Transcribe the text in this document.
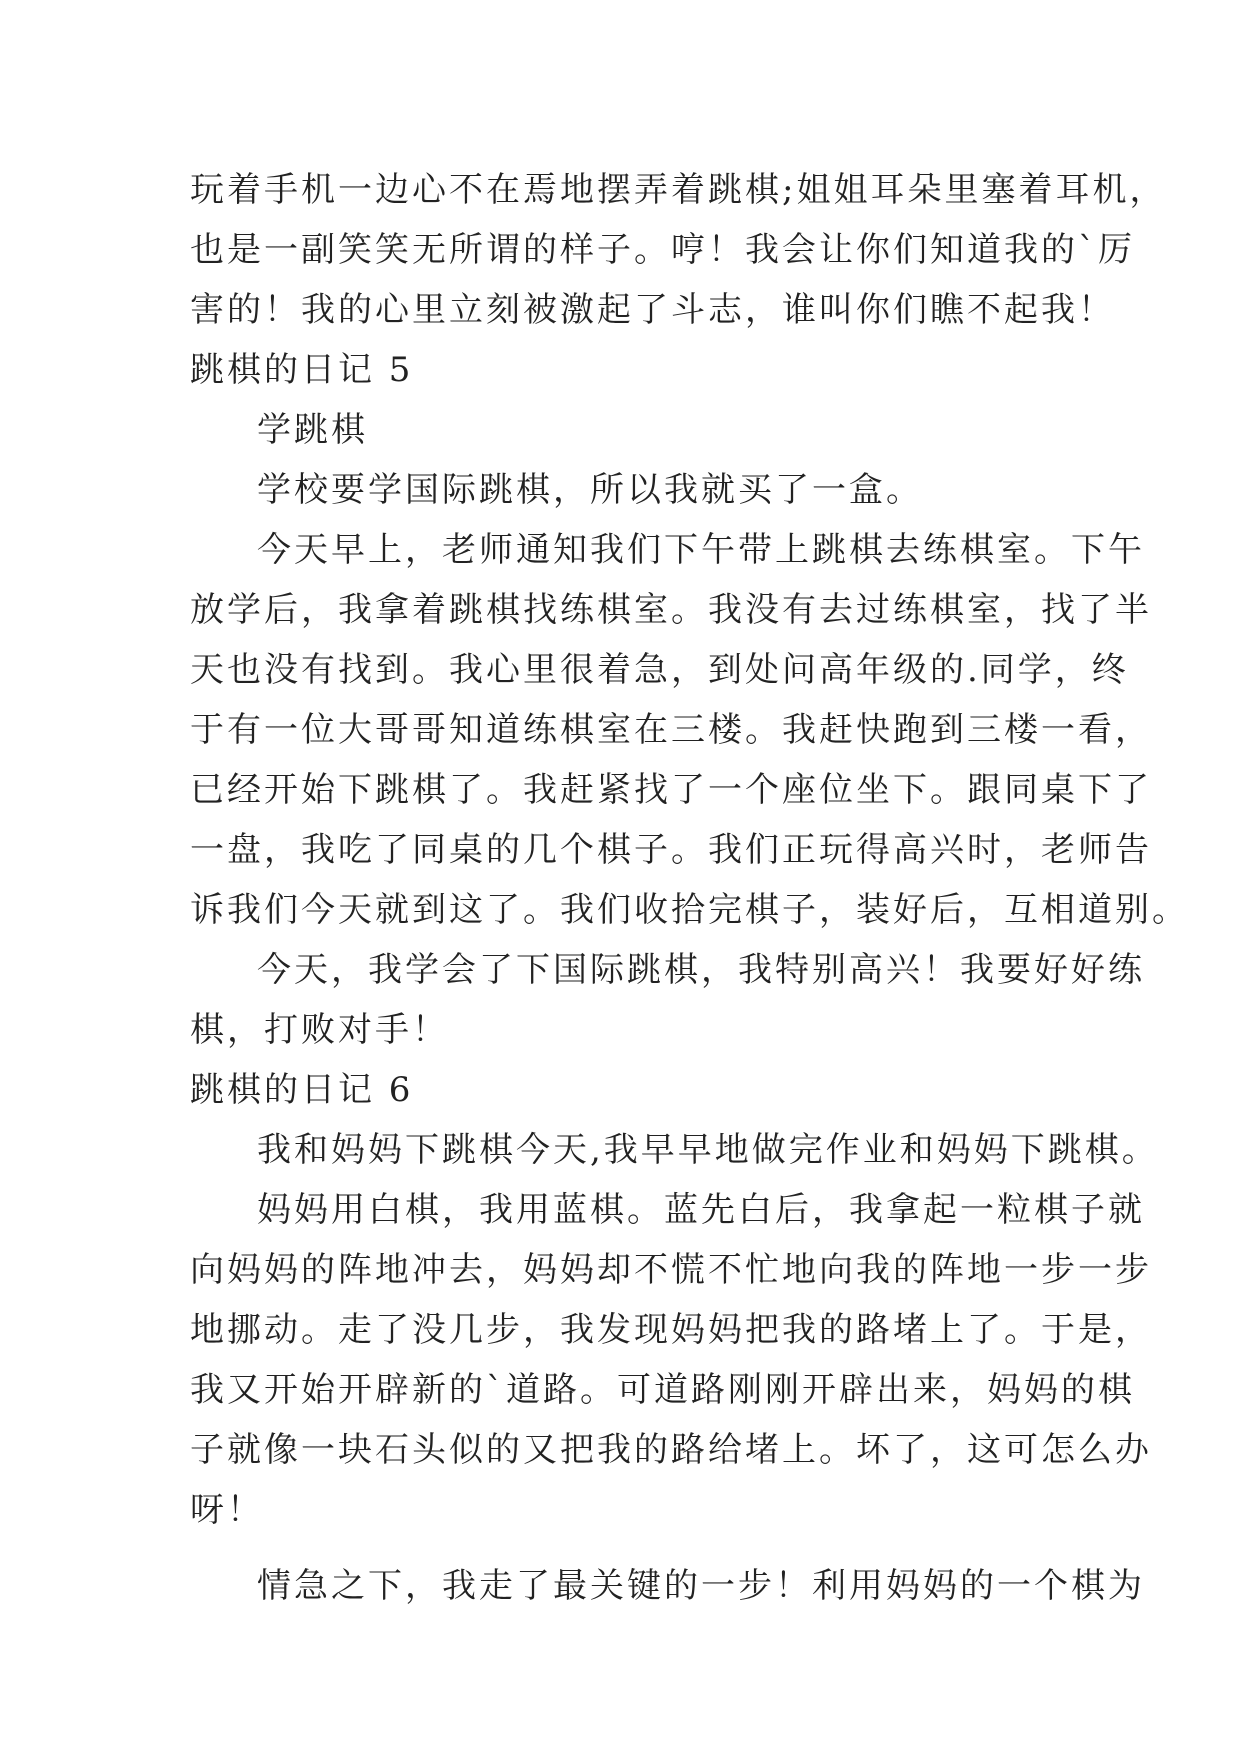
玩着手机一边心不在焉地摆弄着跳棋;姐姐耳朵里塞着耳机，
也是一副笑笑无所谓的样子。哼！我会让你们知道我的`厉
害的！我的心里立刻被激起了斗志，谁叫你们瞧不起我！
跳棋的日记 5
学跳棋
学校要学国际跳棋，所以我就买了一盒。
今天早上，老师通知我们下午带上跳棋去练棋室。下午
放学后，我拿着跳棋找练棋室。我没有去过练棋室，找了半
天也没有找到。我心里很着急，到处问高年级的.同学，终
于有一位大哥哥知道练棋室在三楼。我赶快跑到三楼一看，
已经开始下跳棋了。我赶紧找了一个座位坐下。跟同桌下了
一盘，我吃了同桌的几个棋子。我们正玩得高兴时，老师告
诉我们今天就到这了。我们收拾完棋子，装好后，互相道别。
今天，我学会了下国际跳棋，我特别高兴！我要好好练
棋，打败对手！
跳棋的日记 6
我和妈妈下跳棋今天,我早早地做完作业和妈妈下跳棋。
妈妈用白棋，我用蓝棋。蓝先白后，我拿起一粒棋子就
向妈妈的阵地冲去，妈妈却不慌不忙地向我的阵地一步一步
地挪动。走了没几步，我发现妈妈把我的路堵上了。于是，
我又开始开辟新的`道路。可道路刚刚开辟出来，妈妈的棋
子就像一块石头似的又把我的路给堵上。坏了，这可怎么办
呀！
情急之下，我走了最关键的一步！利用妈妈的一个棋为
